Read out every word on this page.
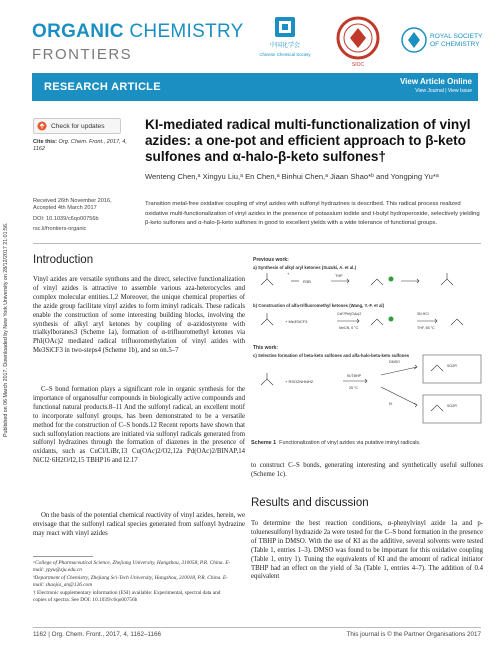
Published on 06 March 2017. Downloaded by New York University on 28/12/2017 21:01:56.
ORGANIC CHEMISTRY
FRONTIERS
中国化学会
Chinese Chemical Society
SIOC
ROYAL SOCIETY
OF CHEMISTRY
RESEARCH ARTICLE	View Article Online
View Journal | View Issue
Check for updates
Cite this: Org. Chem. Front., 2017, 4, 1162
KI-mediated radical multi-functionalization of vinyl azides: a one-pot and efficient approach to β-keto sulfones and α-halo-β-keto sulfones†
Wenteng Chen,ᵃ Xingyu Liu,ᵃ En Chen,ᵃ Binhui Chen,ᵃ Jiaan Shao*ᵇ and Yongping Yu*ᵃ
Received 26th November 2016,
Accepted 4th March 2017
DOI: 10.1039/c6qo00756b
rsc.li/frontiers-organic
Transition metal-free oxidative coupling of vinyl azides with sulfonyl hydrazines is described. This radical process realized oxidative multi-functionalization of vinyl azides in the presence of potassium iodide and t-butyl hydroperoxide, selectively yielding β-keto sulfones and α-halo-β-keto sulfones in good to excellent yields with a wide tolerance of functional groups.
Introduction
Vinyl azides are versatile synthons and the direct, selective functionalization of vinyl azides is attractive to assemble various aza-heterocycles and complex molecular entities.1,2 Moreover, the unique chemical properties of the azide group facilitate vinyl azides to form iminyl radicals. These radicals enable the construction of some interesting building blocks, involving the synthesis of alkyl aryl ketones by coupling of α-azidostyrene with trialkylboranes3 (Scheme 1a), formation of α-trifluoromethyl ketones via PhI(OAc)2 mediated radical trifluoromethylation of vinyl azides with Me3SiCF3 in two-steps4 (Scheme 1b), and so on.5–7
C–S bond formation plays a significant role in organic synthesis for the importance of organosulfur compounds in biologically active compounds and functional natural products.8–11 And the sulfonyl radical, an excellent motif to incorporate sulfonyl groups, has been demonstrated to be a versatile method for the construction of C–S bonds.12 Recent reports have shown that such sulfonylation reactions are initiated via sulfonyl radicals generated from sulfonyl hydrazines through the formation of diazenes in the presence of oxidants, such as CuCl/LiBr,13 Cu(OAc)2/O2,12a Pd(OAc)2/BINAP,14 NiCl2·6H2O/I2,15 TBHP16 and I2.17
On the basis of the potential chemical reactivity of vinyl azides, herein, we envisage that the sulfonyl radical species generated from sulfonyl hydrazine may react with vinyl azides
Previous work:
a) Synthesis of alkyl aryl ketones (Suzuki, A. et al.)
THF
+
R3B
b) Construction of alfa-trifluoromethyl ketones (Wang, Y.-F. et al)
+ Me3SiCF3
CsF/PhI(OAc)2
MeCN, 0 °C
3N HCl
THF, 65 °C
This work:
c) Selective formation of beta-keto sulfones and alfa-halo-beta-keto sulfones
+ RSO2NHNH2
KI/TBHP
25 °C
DMSO
KI
SO2R
SO2R
Scheme 1 Functionalization of vinyl azides via putative iminyl radicals.
to construct C–S bonds, generating interesting and synthetically useful sulfones (Scheme 1c).
Results and discussion
To determine the best reaction conditions, α-phenylvinyl azide 1a and p-toluenesulfonyl hydrazide 2a were tested for the C–S bond formation in the presence of TBHP in DMSO. With the use of KI as the additive, several solvents were tested (Table 1, entries 1–3). DMSO was found to be important for this oxidative coupling (Table 1, entry 1). Tuning the equivalents of KI and the amount of radical initiator TBHP had an effect on the yield of 3a (Table 1, entries 4–7). The addition of 0.4 equivalent
ᵃCollege of Pharmaceutical Science, Zhejiang University, Hangzhou, 310058, P.R. China. E-mail: ypyu@zju.edu.cn
ᵇDepartment of Chemistry, Zhejiang Sci-Tech University, Hangzhou, 310018, P.R. China. E-mail: shaojia_an@126.com
† Electronic supplementary information (ESI) available: Experimental, spectral data and copies of spectra. See DOI: 10.1039/c6qo00756b
1162 | Org. Chem. Front., 2017, 4, 1162–1166	This journal is © the Partner Organisations 2017
